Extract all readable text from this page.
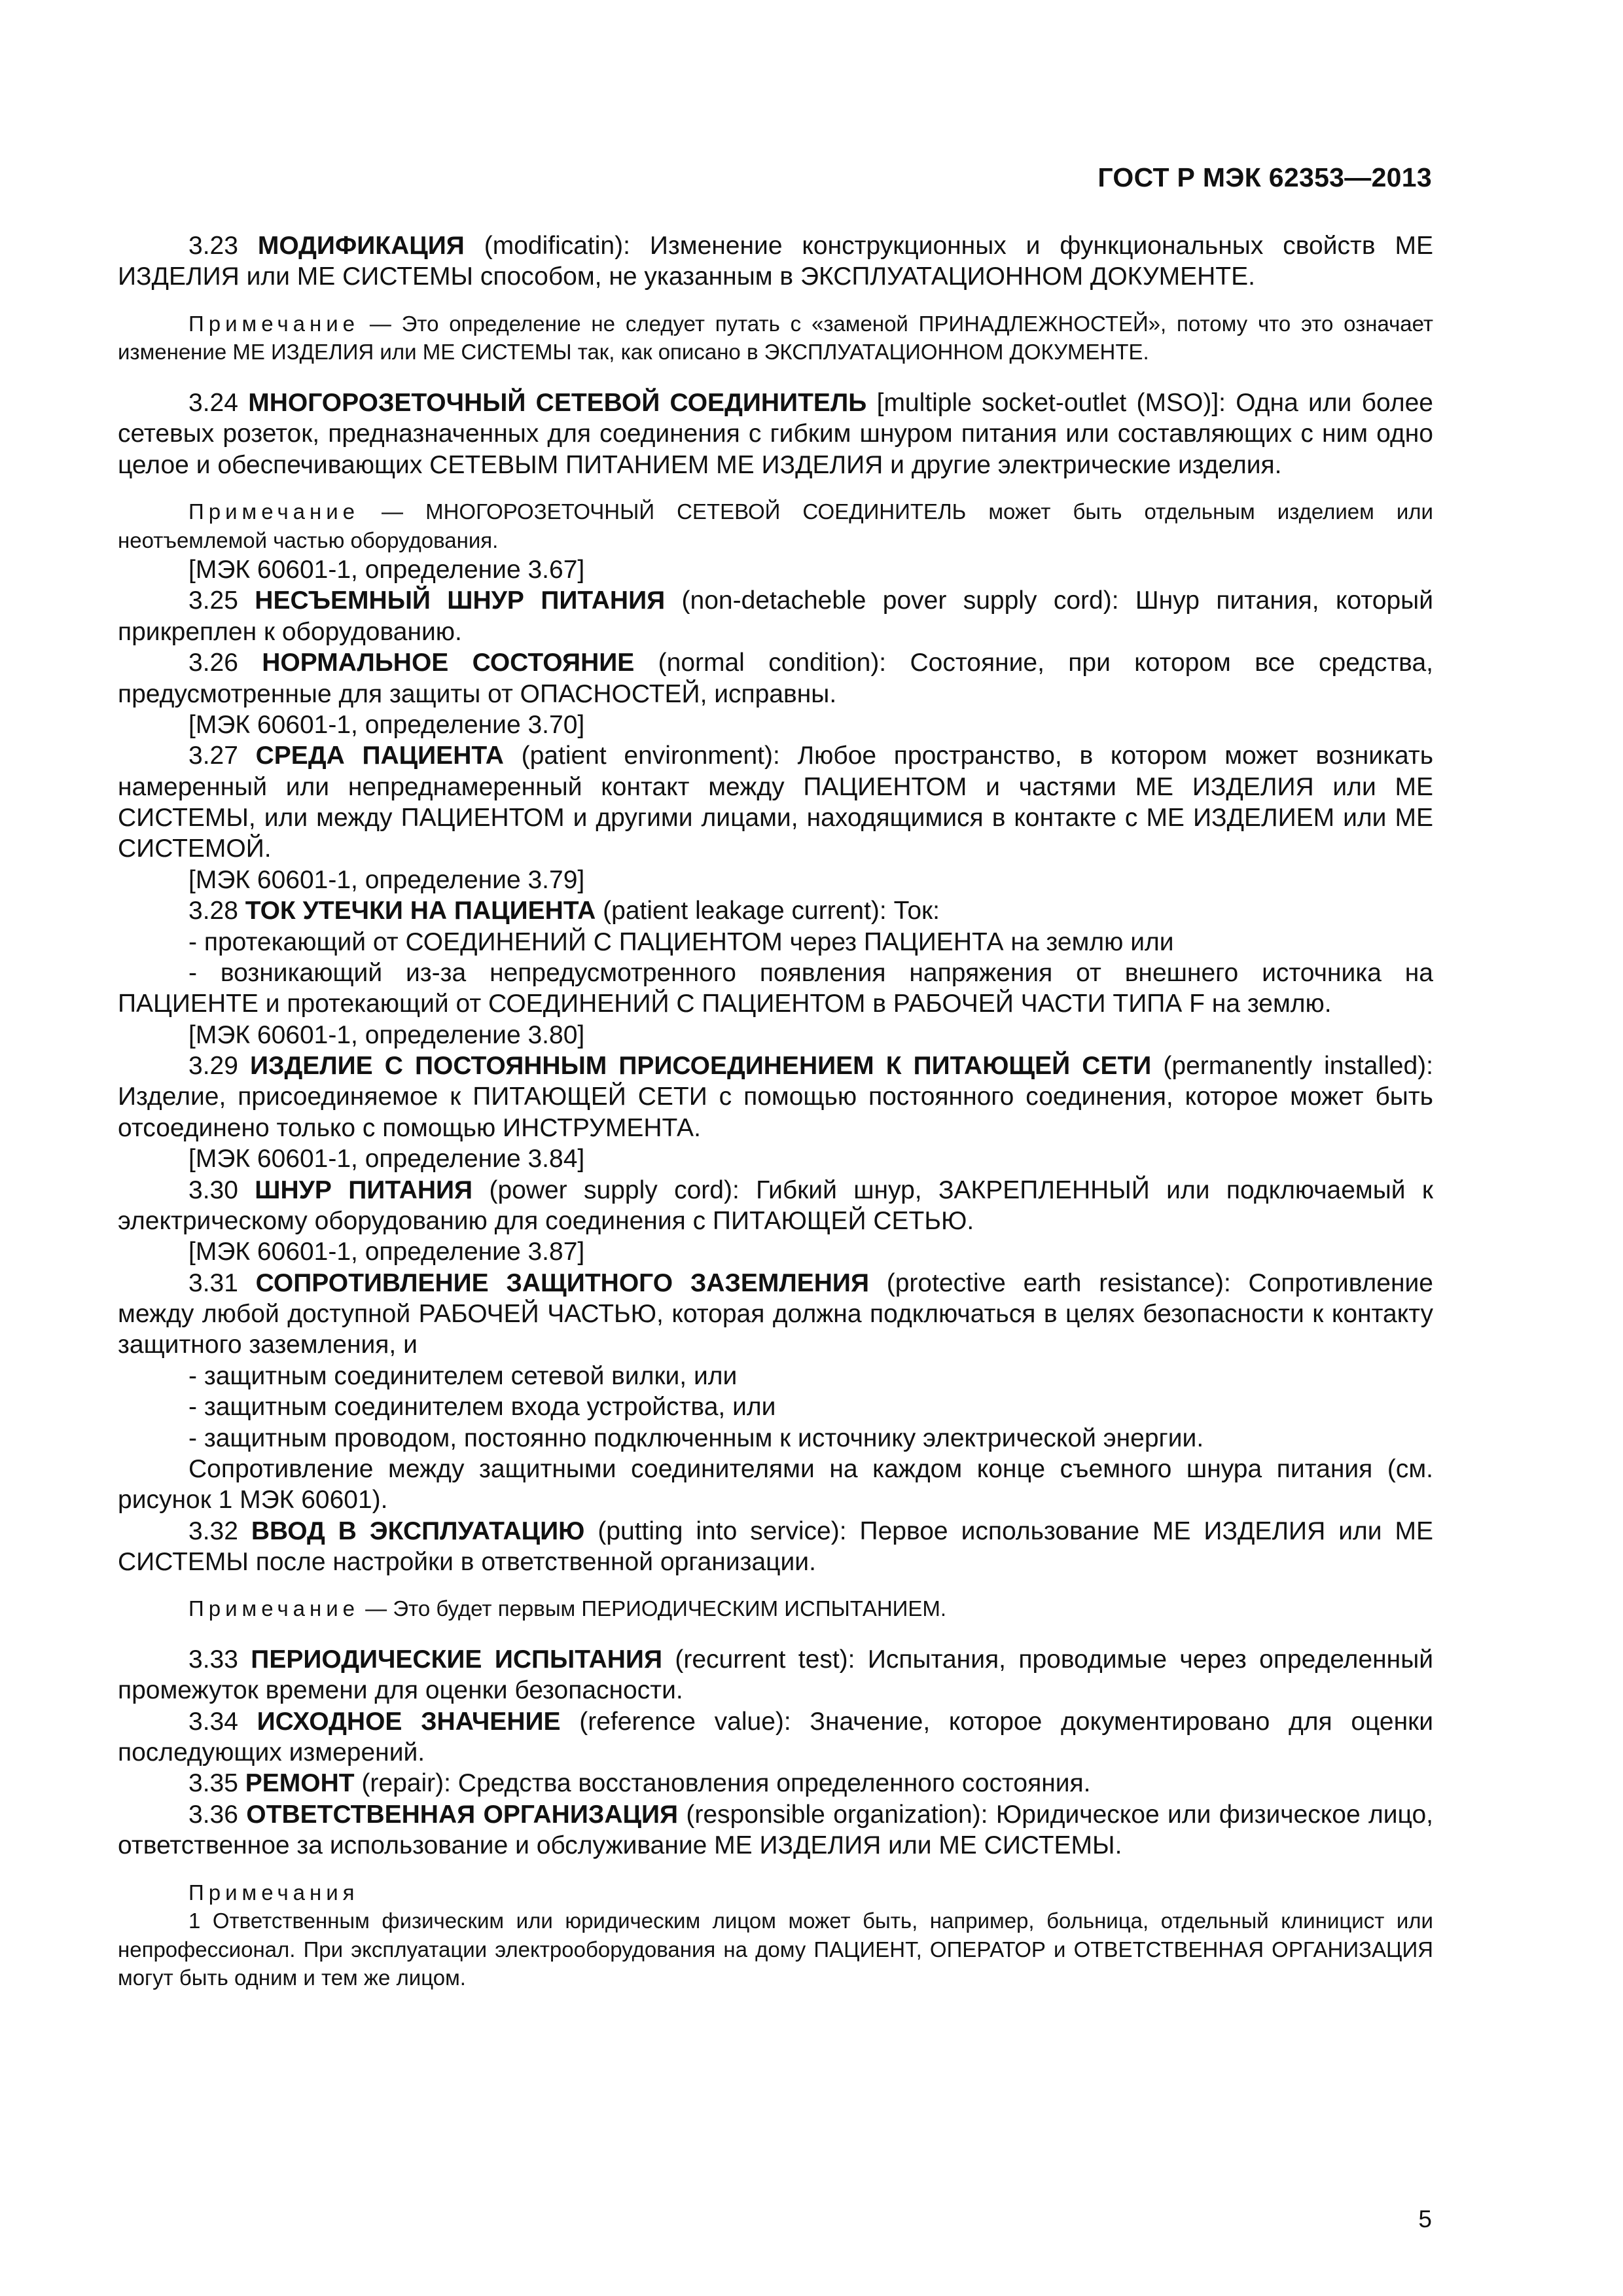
ГОСТ Р МЭК 62353—2013

3.23 МОДИФИКАЦИЯ (modificatin): Изменение конструкционных и функциональных свойств МЕ ИЗДЕЛИЯ или МЕ СИСТЕМЫ способом, не указанным в ЭКСПЛУАТАЦИОННОМ ДОКУМЕНТЕ.

Примечание — Это определение не следует путать с «заменой ПРИНАДЛЕЖНОСТЕЙ», потому что это означает изменение МЕ ИЗДЕЛИЯ или МЕ СИСТЕМЫ так, как описано в ЭКСПЛУАТАЦИОННОМ ДОКУМЕНТЕ.

3.24 МНОГОРОЗЕТОЧНЫЙ СЕТЕВОЙ СОЕДИНИТЕЛЬ [multiple socket-outlet (MSO)]: Одна или более сетевых розеток, предназначенных для соединения с гибким шнуром питания или составляющих с ним одно целое и обеспечивающих СЕТЕВЫМ ПИТАНИЕМ МЕ ИЗДЕЛИЯ и другие электрические изделия.

Примечание — МНОГОРОЗЕТОЧНЫЙ СЕТЕВОЙ СОЕДИНИТЕЛЬ может быть отдельным изделием или неотъемлемой частью оборудования.

[МЭК 60601-1, определение 3.67]

3.25 НЕСЪЕМНЫЙ ШНУР ПИТАНИЯ (non-detacheble pover supply cord): Шнур питания, который прикреплен к оборудованию.

3.26 НОРМАЛЬНОЕ СОСТОЯНИЕ (normal condition): Состояние, при котором все средства, предусмотренные для защиты от ОПАСНОСТЕЙ, исправны.

[МЭК 60601-1, определение 3.70]

3.27 СРЕДА ПАЦИЕНТА (patient environment): Любое пространство, в котором может возникать намеренный или непреднамеренный контакт между ПАЦИЕНТОМ и частями МЕ ИЗДЕЛИЯ или МЕ СИСТЕМЫ, или между ПАЦИЕНТОМ и другими лицами, находящимися в контакте с МЕ ИЗДЕЛИЕМ или МЕ СИСТЕМОЙ.

[МЭК 60601-1, определение 3.79]

3.28 ТОК УТЕЧКИ НА ПАЦИЕНТА (patient leakage current): Ток:

- протекающий от СОЕДИНЕНИЙ С ПАЦИЕНТОМ через ПАЦИЕНТА на землю или

- возникающий из-за непредусмотренного появления напряжения от внешнего источника на ПАЦИЕНТЕ и протекающий от СОЕДИНЕНИЙ С ПАЦИЕНТОМ в РАБОЧЕЙ ЧАСТИ ТИПА F на землю.

[МЭК 60601-1, определение 3.80]

3.29 ИЗДЕЛИЕ С ПОСТОЯННЫМ ПРИСОЕДИНЕНИЕМ К ПИТАЮЩЕЙ СЕТИ (permanently installed): Изделие, присоединяемое к ПИТАЮЩЕЙ СЕТИ с помощью постоянного соединения, которое может быть отсоединено только с помощью ИНСТРУМЕНТА.

[МЭК 60601-1, определение 3.84]

3.30 ШНУР ПИТАНИЯ (power supply cord): Гибкий шнур, ЗАКРЕПЛЕННЫЙ или подключаемый к электрическому оборудованию для соединения с ПИТАЮЩЕЙ СЕТЬЮ.

[МЭК 60601-1, определение 3.87]

3.31 СОПРОТИВЛЕНИЕ ЗАЩИТНОГО ЗАЗЕМЛЕНИЯ (protective earth resistance): Сопротивление между любой доступной РАБОЧЕЙ ЧАСТЬЮ, которая должна подключаться в целях безопасности к контакту защитного заземления, и

- защитным соединителем сетевой вилки, или

- защитным соединителем входа устройства, или

- защитным проводом, постоянно подключенным к источнику электрической энергии.

Сопротивление между защитными соединителями на каждом конце съемного шнура питания (см. рисунок 1 МЭК 60601).

3.32 ВВОД В ЭКСПЛУАТАЦИЮ (putting into service): Первое использование МЕ ИЗДЕЛИЯ или МЕ СИСТЕМЫ после настройки в ответственной организации.

Примечание — Это будет первым ПЕРИОДИЧЕСКИМ ИСПЫТАНИЕМ.

3.33 ПЕРИОДИЧЕСКИЕ ИСПЫТАНИЯ (recurrent test): Испытания, проводимые через определенный промежуток времени для оценки безопасности.

3.34 ИСХОДНОЕ ЗНАЧЕНИЕ (reference value): Значение, которое документировано для оценки последующих измерений.

3.35 РЕМОНТ (repair): Средства восстановления определенного состояния.

3.36 ОТВЕТСТВЕННАЯ ОРГАНИЗАЦИЯ (responsible organization): Юридическое или физическое лицо, ответственное за использование и обслуживание МЕ ИЗДЕЛИЯ или МЕ СИСТЕМЫ.

Примечания

1 Ответственным физическим или юридическим лицом может быть, например, больница, отдельный клиницист или непрофессионал. При эксплуатации электрооборудования на дому ПАЦИЕНТ, ОПЕРАТОР и ОТВЕТСТВЕННАЯ ОРГАНИЗАЦИЯ могут быть одним и тем же лицом.

5
